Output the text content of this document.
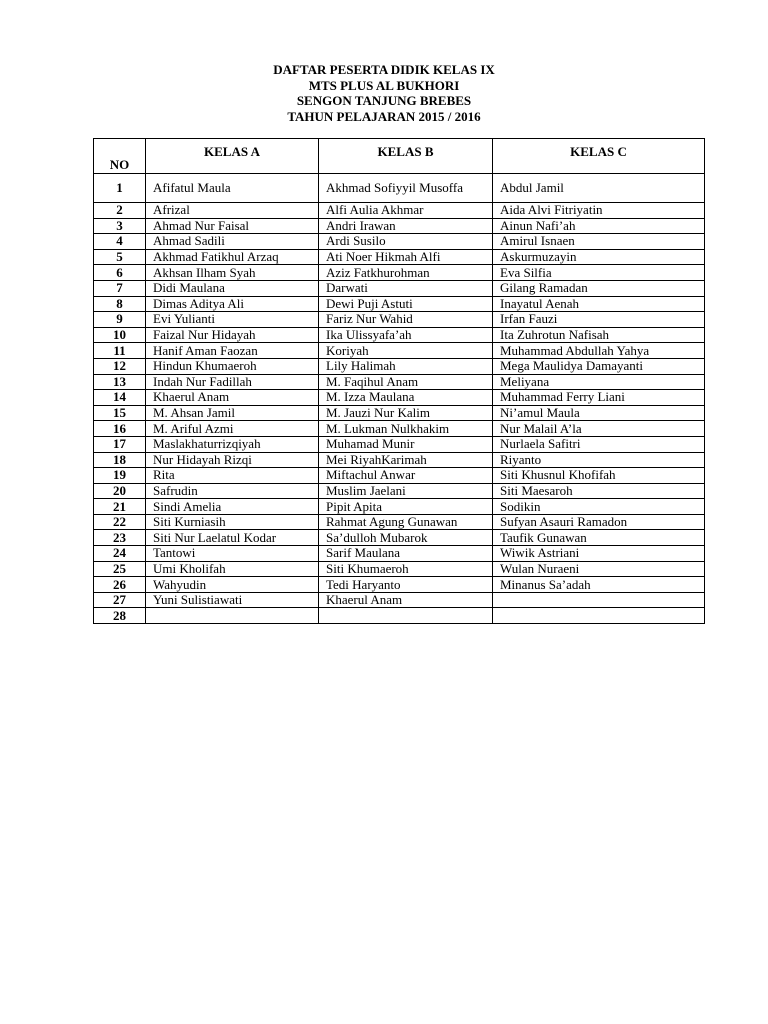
DAFTAR PESERTA DIDIK KELAS IX
MTS PLUS AL BUKHORI
SENGON TANJUNG BREBES
TAHUN PELAJARAN 2015 / 2016
NO	KELAS A	KELAS B	KELAS C
1	Afifatul Maula	Akhmad Sofiyyil Musoffa	Abdul Jamil
2	Afrizal	Alfi Aulia Akhmar	Aida Alvi Fitriyatin
3	Ahmad Nur Faisal	Andri Irawan	Ainun Nafi’ah
4	Ahmad Sadili	Ardi Susilo	Amirul Isnaen
5	Akhmad Fatikhul Arzaq	Ati Noer Hikmah Alfi	Askurmuzayin
6	Akhsan Ilham Syah	Aziz Fatkhurohman	Eva Silfia
7	Didi Maulana	Darwati	Gilang Ramadan
8	Dimas Aditya Ali	Dewi Puji Astuti	Inayatul Aenah
9	Evi Yulianti	Fariz Nur Wahid	Irfan Fauzi
10	Faizal Nur Hidayah	Ika Ulissyafa’ah	Ita Zuhrotun Nafisah
11	Hanif Aman Faozan	Koriyah	Muhammad Abdullah Yahya
12	Hindun Khumaeroh	Lily Halimah	Mega Maulidya Damayanti
13	Indah Nur Fadillah	M. Faqihul Anam	Meliyana
14	Khaerul Anam	M. Izza Maulana	Muhammad Ferry Liani
15	M. Ahsan Jamil	M. Jauzi Nur Kalim	Ni’amul Maula
16	M. Ariful Azmi	M. Lukman Nulkhakim	Nur Malail A’la
17	Maslakhaturrizqiyah	Muhamad Munir	Nurlaela Safitri
18	Nur Hidayah Rizqi	Mei RiyahKarimah	Riyanto
19	Rita	Miftachul Anwar	Siti Khusnul Khofifah
20	Safrudin	Muslim Jaelani	Siti Maesaroh
21	Sindi Amelia	Pipit Apita	Sodikin
22	Siti Kurniasih	Rahmat Agung Gunawan	Sufyan Asauri Ramadon
23	Siti Nur Laelatul Kodar	Sa’dulloh Mubarok	Taufik Gunawan
24	Tantowi	Sarif Maulana	Wiwik Astriani
25	Umi Kholifah	Siti Khumaeroh	Wulan Nuraeni
26	Wahyudin	Tedi Haryanto	Minanus Sa’adah
27	Yuni Sulistiawati	Khaerul Anam	
28			
